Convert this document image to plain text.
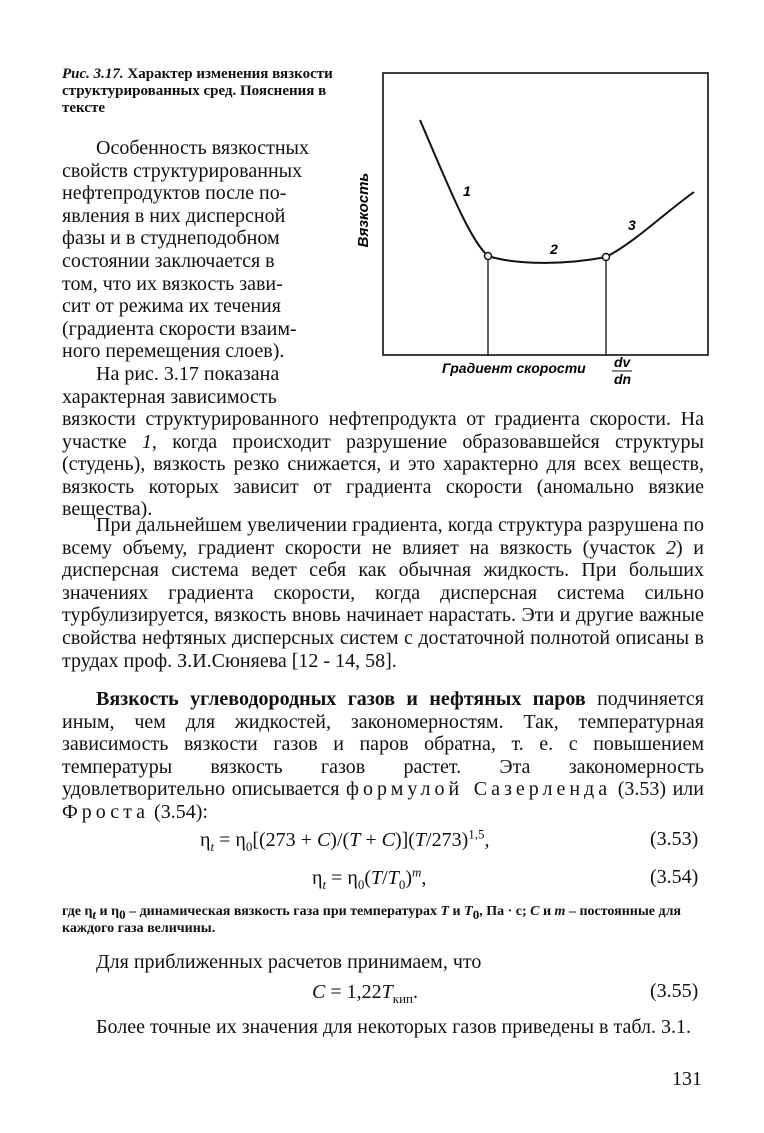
Рис. 3.17. Характер изменения вязкости структурированных сред. Пояснения в тексте
Вязкость	1
2
3
Градиент скорости dv
dn
Особенность вязкостных
свойств структурированных
нефтепродуктов после по-
явления в них дисперсной
фазы и в студнеподобном
состоянии заключается в
том, что их вязкость зави-
сит от режима их течения
(градиента скорости взаим-
ного перемещения слоев).
На рис. 3.17 показана
характерная зависимость
вязкости структурированного нефтепродукта от градиента скорости. На участке 1, когда происходит разрушение образовавшейся структуры (студень), вязкость резко снижается, и это характерно для всех веществ, вязкость которых зависит от градиента скорости (аномально вязкие вещества).
При дальнейшем увеличении градиента, когда структура разрушена по всему объему, градиент скорости не влияет на вязкость (участок 2) и дисперсная система ведет себя как обычная жидкость. При больших значениях градиента скорости, когда дисперсная система сильно турбулизируется, вязкость вновь начинает нарастать. Эти и другие важные свойства нефтяных дисперсных систем с достаточной полнотой описаны в трудах проф. З.И.Сюняева [12 - 14, 58].
Вязкость углеводородных газов и нефтяных паров подчиняется иным, чем для жидкостей, закономерностям. Так, температурная зависимость вязкости газов и паров обратна, т. е. с повышением температуры вязкость газов растет. Эта закономерность удовлетворительно описывается формулой Сазерленда (3.53) или Фроста (3.54):
$\eta_t = \eta_0[(273 + C)/(T + C)](T/273)^{1,5}$,	(3.53)
$\eta_t = \eta_0(T/T_0)^m$,	(3.54)
где $\eta_t$ и $\eta_0$ – динамическая вязкость газа при температурах T и $T_0$, Па · с; C и m – постоянные для каждого газа величины.
Для приближенных расчетов принимаем, что
$C = 1,22T_{кип}$.	(3.55)
Более точные их значения для некоторых газов приведены в табл. 3.1.
131
